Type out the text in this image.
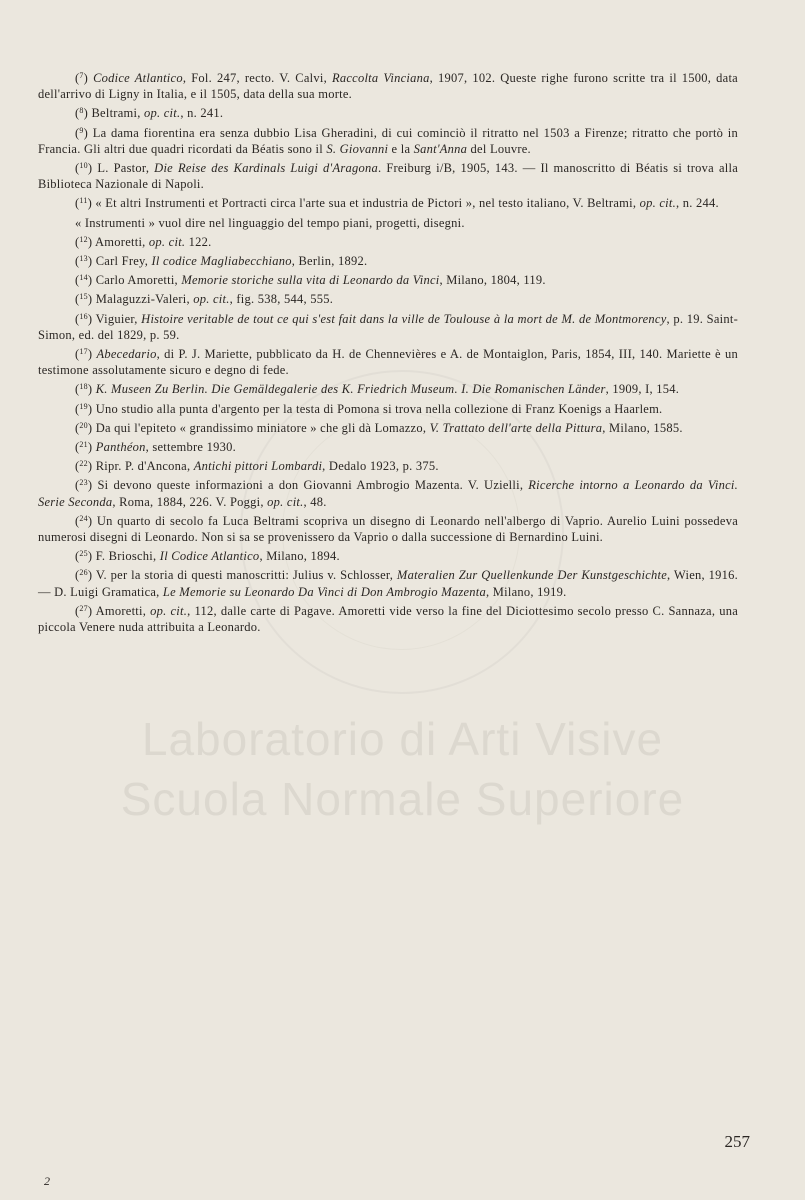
Laboratorio di Arti Visive
Scuola Normale Superiore

($^7$) Codice Atlantico, Fol. 247, recto. V. Calvi, Raccolta Vinciana, 1907, 102. Queste righe furono scritte tra il 1500, data dell'arrivo di Ligny in Italia, e il 1505, data della sua morte.

($^8$) Beltrami, op. cit., n. 241.

($^9$) La dama fiorentina era senza dubbio Lisa Gheradini, di cui cominciò il ritratto nel 1503 a Firenze; ritratto che portò in Francia. Gli altri due quadri ricordati da Béatis sono il S. Giovanni e la Sant'Anna del Louvre.

($^{10}$) L. Pastor, Die Reise des Kardinals Luigi d'Aragona. Freiburg i/B, 1905, 143. — Il manoscritto di Béatis si trova alla Biblioteca Nazionale di Napoli.

($^{11}$) « Et altri Instrumenti et Portracti circa l'arte sua et industria de Pictori », nel testo italiano, V. Beltrami, op. cit., n. 244.

« Instrumenti » vuol dire nel linguaggio del tempo piani, progetti, disegni.

($^{12}$) Amoretti, op. cit. 122.

($^{13}$) Carl Frey, Il codice Magliabecchiano, Berlin, 1892.

($^{14}$) Carlo Amoretti, Memorie storiche sulla vita di Leonardo da Vinci, Milano, 1804, 119.

($^{15}$) Malaguzzi-Valeri, op. cit., fig. 538, 544, 555.

($^{16}$) Viguier, Histoire veritable de tout ce qui s'est fait dans la ville de Toulouse à la mort de M. de Montmorency, p. 19. Saint-Simon, ed. del 1829, p. 59.

($^{17}$) Abecedario, di P. J. Mariette, pubblicato da H. de Chennevières e A. de Montaiglon, Paris, 1854, III, 140. Mariette è un testimone assolutamente sicuro e degno di fede.

($^{18}$) K. Museen Zu Berlin. Die Gemäldegalerie des K. Friedrich Museum. I. Die Romanischen Länder, 1909, I, 154.

($^{19}$) Uno studio alla punta d'argento per la testa di Pomona si trova nella collezione di Franz Koenigs a Haarlem.

($^{20}$) Da qui l'epiteto « grandissimo miniatore » che gli dà Lomazzo, V. Trattato dell'arte della Pittura, Milano, 1585.

($^{21}$) Panthéon, settembre 1930.

($^{22}$) Ripr. P. d'Ancona, Antichi pittori Lombardi, Dedalo 1923, p. 375.

($^{23}$) Si devono queste informazioni a don Giovanni Ambrogio Mazenta. V. Uzielli, Ricerche intorno a Leonardo da Vinci. Serie Seconda, Roma, 1884, 226. V. Poggi, op. cit., 48.

($^{24}$) Un quarto di secolo fa Luca Beltrami scopriva un disegno di Leonardo nell'albergo di Vaprio. Aurelio Luini possedeva numerosi disegni di Leonardo. Non si sa se provenissero da Vaprio o dalla successione di Bernardino Luini.

($^{25}$) F. Brioschi, Il Codice Atlantico, Milano, 1894.

($^{26}$) V. per la storia di questi manoscritti: Julius v. Schlosser, Materalien Zur Quellenkunde Der Kunstgeschichte, Wien, 1916. — D. Luigi Gramatica, Le Memorie su Leonardo Da Vinci di Don Ambrogio Mazenta, Milano, 1919.

($^{27}$) Amoretti, op. cit., 112, dalle carte di Pagave. Amoretti vide verso la fine del Diciottesimo secolo presso C. Sannaza, una piccola Venere nuda attribuita a Leonardo.

257
2
